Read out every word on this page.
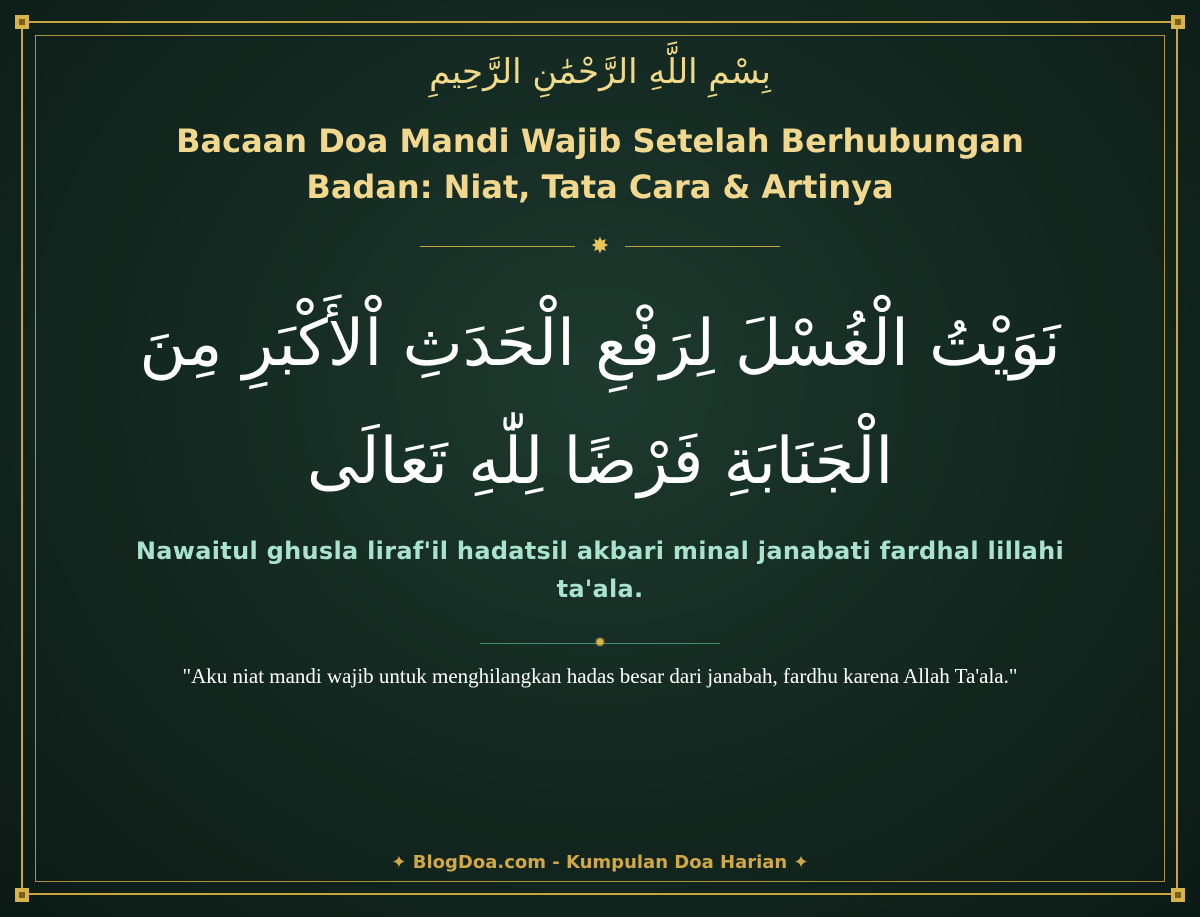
بِسْمِ اللَّهِ الرَّحْمَٰنِ الرَّحِيمِ
Bacaan Doa Mandi Wajib Setelah Berhubungan Badan: Niat, Tata Cara & Artinya
✸
نَوَيْتُ الْغُسْلَ لِرَفْعِ الْحَدَثِ اْلأَكْبَرِ مِنَ الْجَنَابَةِ فَرْضًا لِلّٰهِ تَعَالَى
Nawaitul ghusla liraf'il hadatsil akbari minal janabati fardhal lillahi ta'ala.
✹
"Aku niat mandi wajib untuk menghilangkan hadas besar dari janabah, fardhu karena Allah Ta'ala."
✦ BlogDoa.com - Kumpulan Doa Harian ✦
